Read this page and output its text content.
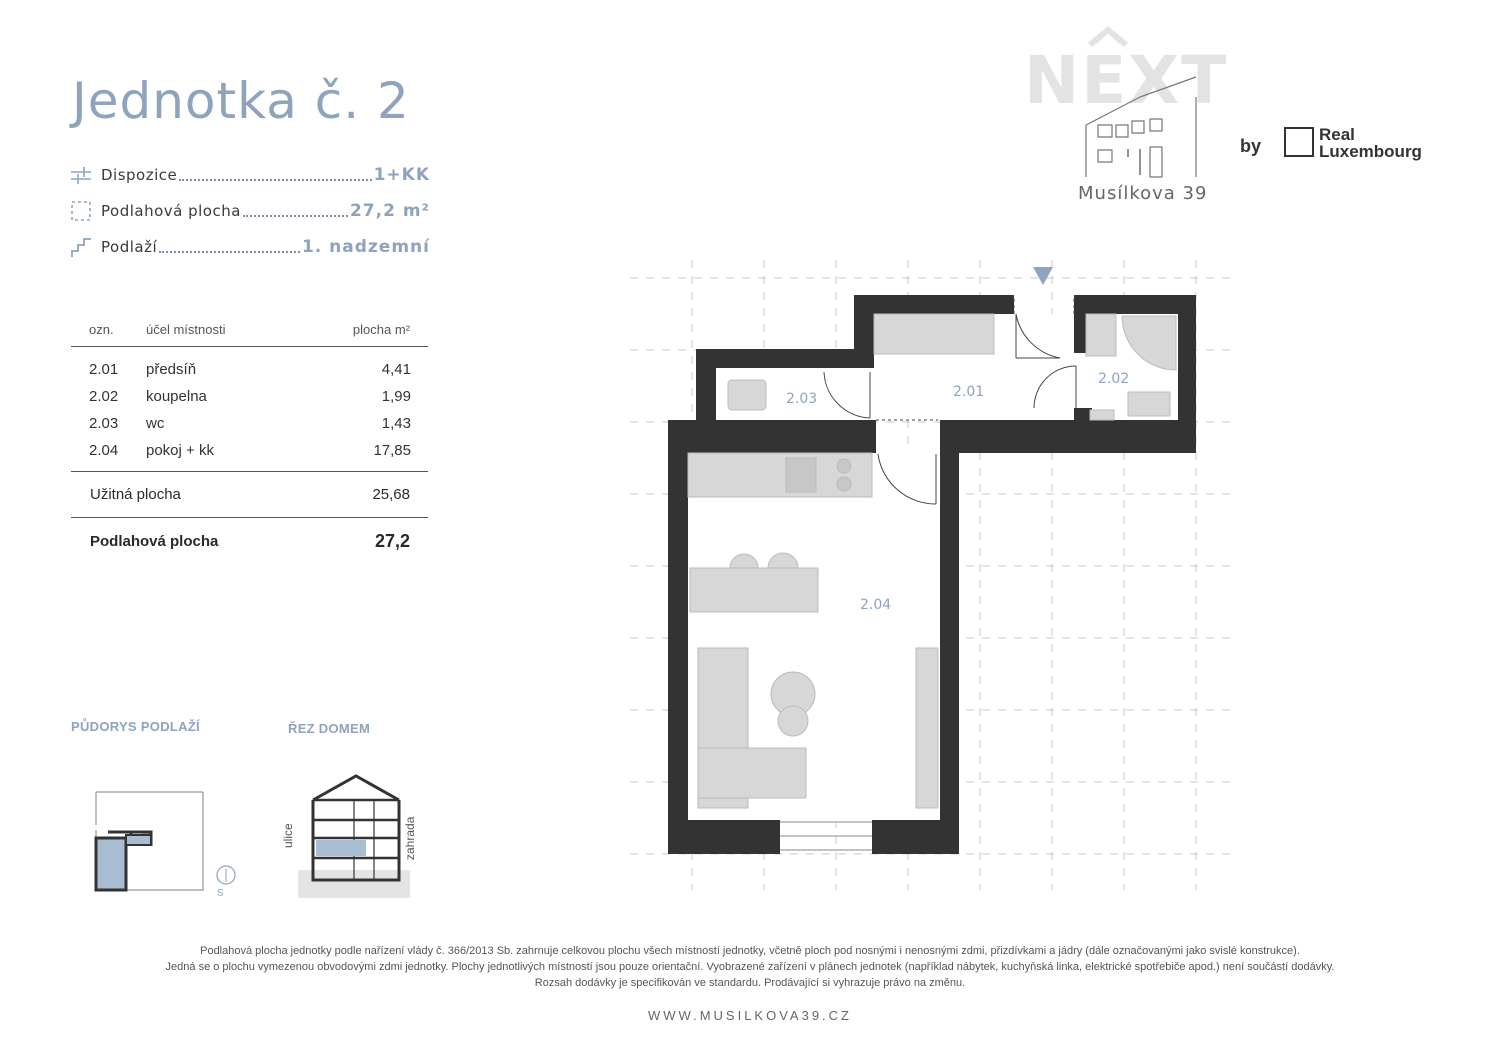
Jednotka č. 2
Dispozice	1+KK
Podlahová plocha	27,2 m²
Podlaží	1. nadzemní
ozn. účel místnosti	plocha m²
2.01 předsíň	4,41
2.02 koupelna	1,99
2.03 wc	1,43
2.04 pokoj + kk	17,85
Užitná plocha	25,68
Podlahová plocha	27,2
PŮDORYS PODLAŽÍ	ŘEZ DOMEM
S
ulice	zahrada
NEXT
Musílkova 39
by
Real
Luxembourg
2.01
2.02
2.03
2.04
Podlahová plocha jednotky podle nařízení vlády č. 366/2013 Sb. zahrnuje celkovou plochu všech místností jednotky, včetně ploch pod nosnými i nenosnými zdmi, přizdívkami a jádry (dále označovanými jako svislé konstrukce).
Jedná se o plochu vymezenou obvodovými zdmi jednotky. Plochy jednotlivých místností jsou pouze orientační. Vyobrazené zařízení v plánech jednotek (například nábytek, kuchyňská linka, elektrické spotřebiče apod.) není součástí dodávky.
Rozsah dodávky je specifikován ve standardu. Prodávající si vyhrazuje právo na změnu.
WWW.MUSILKOVA39.CZ
